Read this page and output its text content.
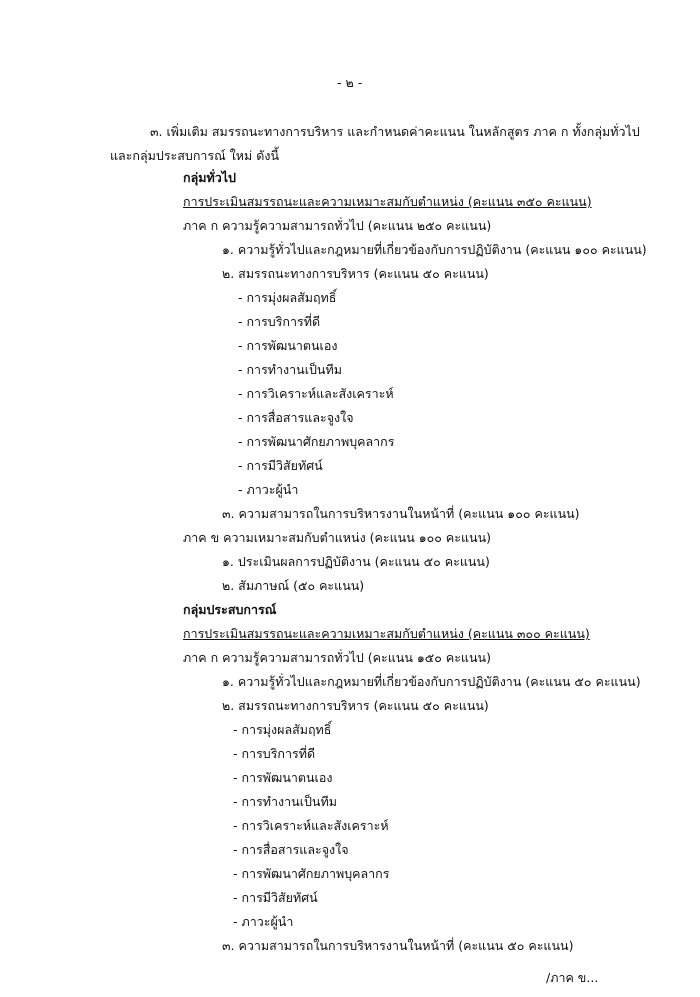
- ๒ -
๓. เพิ่มเติม สมรรถนะทางการบริหาร และกำหนดค่าคะแนน ในหลักสูตร ภาค ก ทั้งกลุ่มทั่วไป
และกลุ่มประสบการณ์ ใหม่ ดังนี้
กลุ่มทั่วไป
การประเมินสมรรถนะและความเหมาะสมกับตำแหน่ง (คะแนน ๓๕๐ คะแนน)
ภาค ก ความรู้ความสามารถทั่วไป (คะแนน ๒๕๐ คะแนน)
๑. ความรู้ทั่วไปและกฎหมายที่เกี่ยวข้องกับการปฏิบัติงาน (คะแนน ๑๐๐ คะแนน)
๒. สมรรถนะทางการบริหาร (คะแนน ๕๐ คะแนน)
- การมุ่งผลสัมฤทธิ์
- การบริการที่ดี
- การพัฒนาตนเอง
- การทำงานเป็นทีม
- การวิเคราะห์และสังเคราะห์
- การสื่อสารและจูงใจ
- การพัฒนาศักยภาพบุคลากร
- การมีวิสัยทัศน์
- ภาวะผู้นำ
๓. ความสามารถในการบริหารงานในหน้าที่ (คะแนน ๑๐๐ คะแนน)
ภาค ข ความเหมาะสมกับตำแหน่ง (คะแนน ๑๐๐ คะแนน)
๑. ประเมินผลการปฏิบัติงาน (คะแนน ๕๐ คะแนน)
๒. สัมภาษณ์ (๕๐ คะแนน)
กลุ่มประสบการณ์
การประเมินสมรรถนะและความเหมาะสมกับตำแหน่ง (คะแนน ๓๐๐ คะแนน)
ภาค ก ความรู้ความสามารถทั่วไป (คะแนน ๑๕๐ คะแนน)
๑. ความรู้ทั่วไปและกฎหมายที่เกี่ยวข้องกับการปฏิบัติงาน (คะแนน ๕๐ คะแนน)
๒. สมรรถนะทางการบริหาร (คะแนน ๕๐ คะแนน)
- การมุ่งผลสัมฤทธิ์
- การบริการที่ดี
- การพัฒนาตนเอง
- การทำงานเป็นทีม
- การวิเคราะห์และสังเคราะห์
- การสื่อสารและจูงใจ
- การพัฒนาศักยภาพบุคลากร
- การมีวิสัยทัศน์
- ภาวะผู้นำ
๓. ความสามารถในการบริหารงานในหน้าที่ (คะแนน ๕๐ คะแนน)
/ภาค ข...
